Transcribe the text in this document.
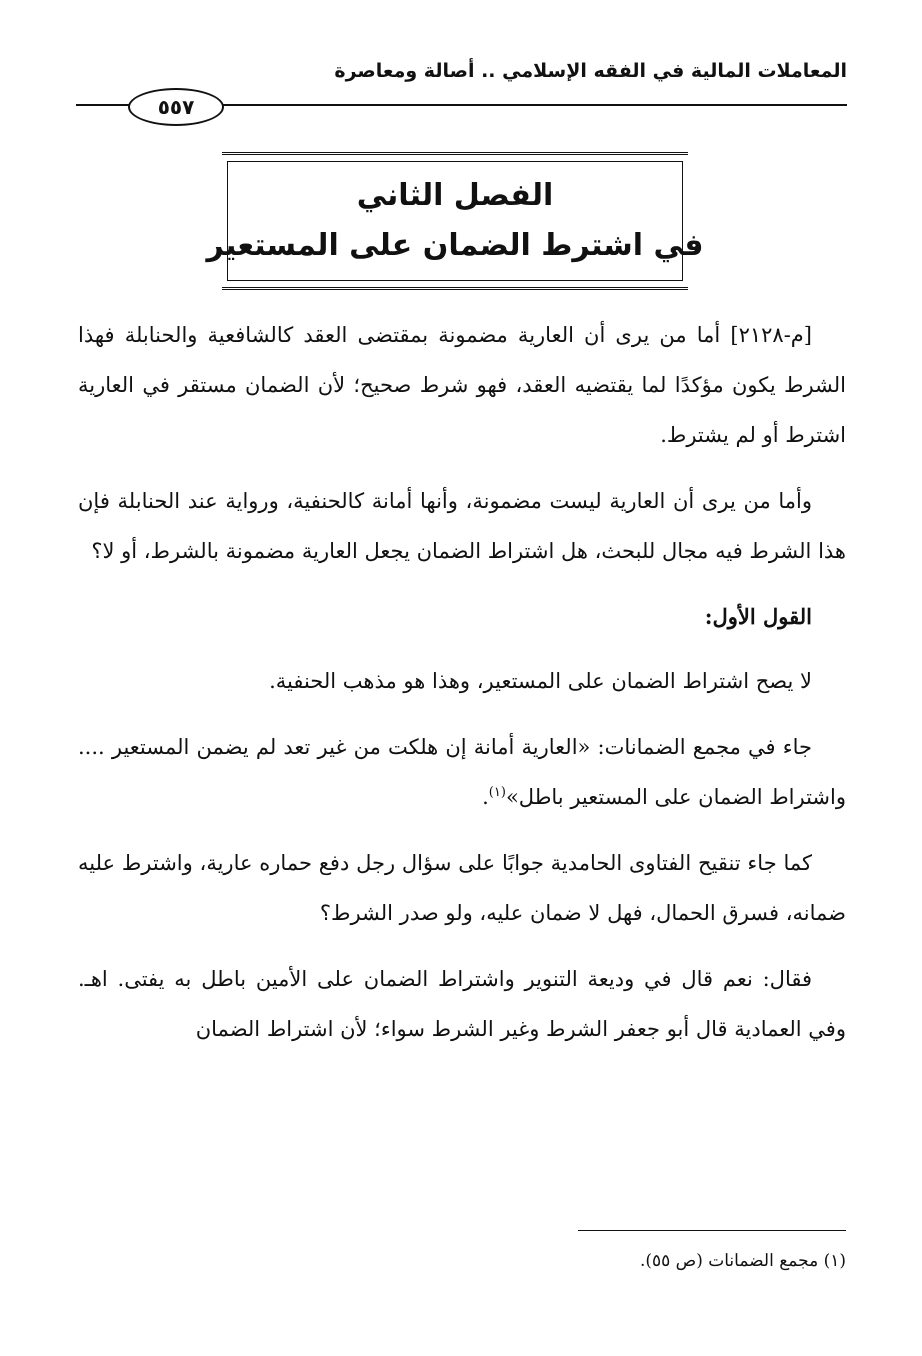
المعاملات المالية في الفقه الإسلامي .. أصالة ومعاصرة
٥٥٧
الفصل الثاني
في اشترط الضمان على المستعير

[م-٢١٢٨] أما من يرى أن العارية مضمونة بمقتضى العقد كالشافعية والحنابلة فهذا الشرط يكون مؤكدًا لما يقتضيه العقد، فهو شرط صحيح؛ لأن الضمان مستقر في العارية اشترط أو لم يشترط.

وأما من يرى أن العارية ليست مضمونة، وأنها أمانة كالحنفية، ورواية عند الحنابلة فإن هذا الشرط فيه مجال للبحث، هل اشتراط الضمان يجعل العارية مضمونة بالشرط، أو لا؟

القول الأول:

لا يصح اشتراط الضمان على المستعير، وهذا هو مذهب الحنفية.

جاء في مجمع الضمانات: «العارية أمانة إن هلكت من غير تعد لم يضمن المستعير .... واشتراط الضمان على المستعير باطل»$^{(١)}$.

كما جاء تنقيح الفتاوى الحامدية جوابًا على سؤال رجل دفع حماره عارية، واشترط عليه ضمانه، فسرق الحمال، فهل لا ضمان عليه، ولو صدر الشرط؟

فقال: نعم قال في وديعة التنوير واشتراط الضمان على الأمين باطل به يفتى. اهـ. وفي العمادية قال أبو جعفر الشرط وغير الشرط سواء؛ لأن اشتراط الضمان

(١) مجمع الضمانات (ص ٥٥).
